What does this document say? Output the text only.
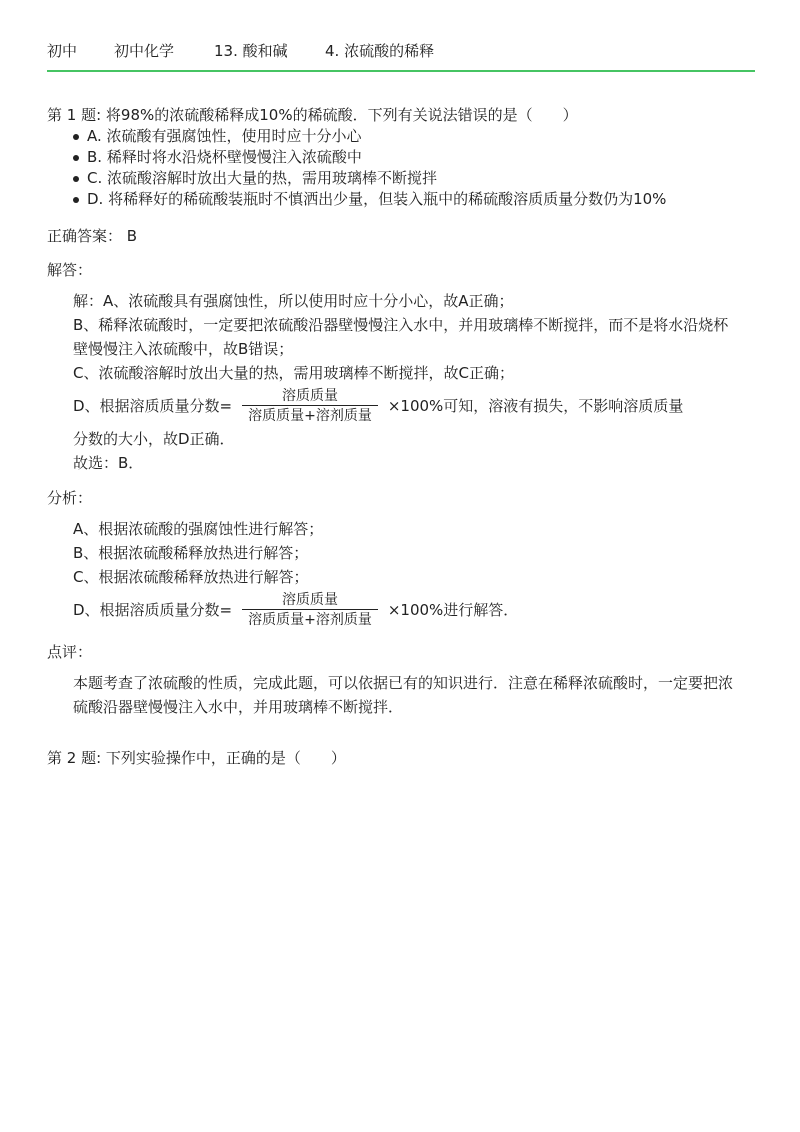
初中	初中化学	13. 酸和碱	4. 浓硫酸的稀释
第 1 题: 将98%的浓硫酸稀释成10%的稀硫酸．下列有关说法错误的是（　　）
A. 浓硫酸有强腐蚀性，使用时应十分小心
B. 稀释时将水沿烧杯壁慢慢注入浓硫酸中
C. 浓硫酸溶解时放出大量的热，需用玻璃棒不断搅拌
D. 将稀释好的稀硫酸装瓶时不慎洒出少量，但装入瓶中的稀硫酸溶质质量分数仍为10%
正确答案： B
解答：

解：A、浓硫酸具有强腐蚀性，所以使用时应十分小心，故A正确；

B、稀释浓硫酸时，一定要把浓硫酸沿器壁慢慢注入水中，并用玻璃棒不断搅拌，而不是将水沿烧杯壁慢慢注入浓硫酸中，故B错误；

C、浓硫酸溶解时放出大量的热，需用玻璃棒不断搅拌，故C正确；

D、根据溶质质量分数= $\frac{\text{溶质质量}}{\text{溶质质量+溶剂质量}} \times 100\%$可知，溶液有损失，不影响溶质质量

分数的大小，故D正确．

故选：B．

分析：

A、根据浓硫酸的强腐蚀性进行解答；

B、根据浓硫酸稀释放热进行解答；

C、根据浓硫酸稀释放热进行解答；

D、根据溶质质量分数= $\frac{\text{溶质质量}}{\text{溶质质量+溶剂质量}} \times 100\%$进行解答．
点评：

本题考查了浓硫酸的性质，完成此题，可以依据已有的知识进行．注意在稀释浓硫酸时，一定要把浓硫酸沿器壁慢慢注入水中，并用玻璃棒不断搅拌．

第 2 题: 下列实验操作中，正确的是（　　）
